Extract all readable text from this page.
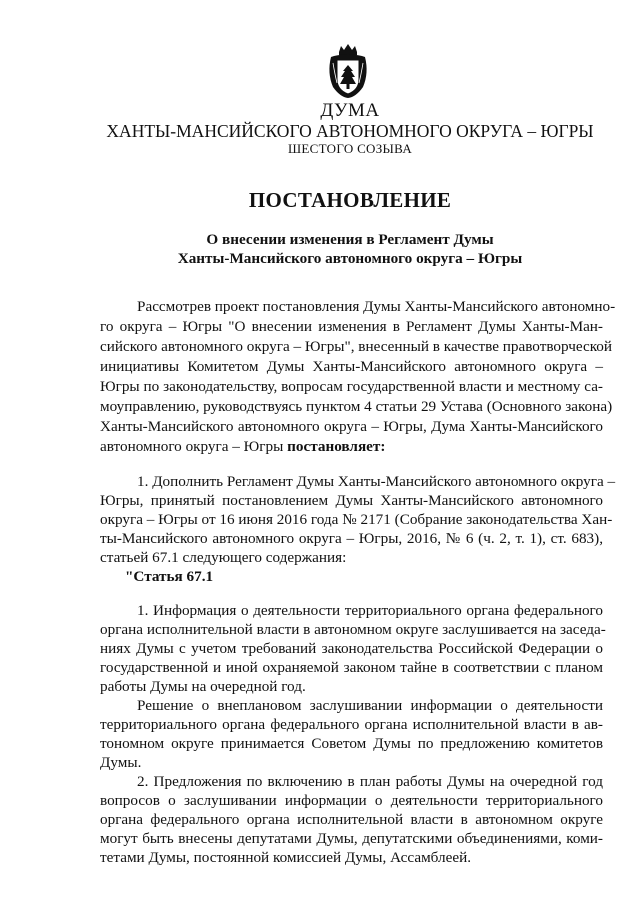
ДУМА
ХАНТЫ-МАНСИЙСКОГО АВТОНОМНОГО ОКРУГА – ЮГРЫ
ШЕСТОГО СОЗЫВА
ПОСТАНОВЛЕНИЕ
О внесении изменения в Регламент Думы
Ханты-Мансийского автономного округа – Югры
Рассмотрев проект постановления Думы Ханты-Мансийского автономно-
го округа – Югры "О внесении изменения в Регламент Думы Ханты-Ман-
сийского автономного округа – Югры", внесенный в качестве правотворческой
инициативы Комитетом Думы Ханты-Мансийского автономного округа –
Югры по законодательству, вопросам государственной власти и местному са-
моуправлению, руководствуясь пунктом 4 статьи 29 Устава (Основного закона)
Ханты-Мансийского автономного округа – Югры, Дума Ханты-Мансийского
автономного округа – Югры постановляет:
1. Дополнить Регламент Думы Ханты-Мансийского автономного округа –
Югры, принятый постановлением Думы Ханты-Мансийского автономного
округа – Югры от 16 июня 2016 года № 2171 (Собрание законодательства Хан-
ты-Мансийского автономного округа – Югры, 2016, № 6 (ч. 2, т. 1), ст. 683),
статьей 67.1 следующего содержания:
"Статья 67.1
1. Информация о деятельности территориального органа федерального
органа исполнительной власти в автономном округе заслушивается на заседа-
ниях Думы с учетом требований законодательства Российской Федерации о
государственной и иной охраняемой законом тайне в соответствии с планом
работы Думы на очередной год.
Решение о внеплановом заслушивании информации о деятельности
территориального органа федерального органа исполнительной власти в ав-
тономном округе принимается Советом Думы по предложению комитетов
Думы.
2. Предложения по включению в план работы Думы на очередной год
вопросов о заслушивании информации о деятельности территориального
органа федерального органа исполнительной власти в автономном округе
могут быть внесены депутатами Думы, депутатскими объединениями, коми-
тетами Думы, постоянной комиссией Думы, Ассамблеей.
